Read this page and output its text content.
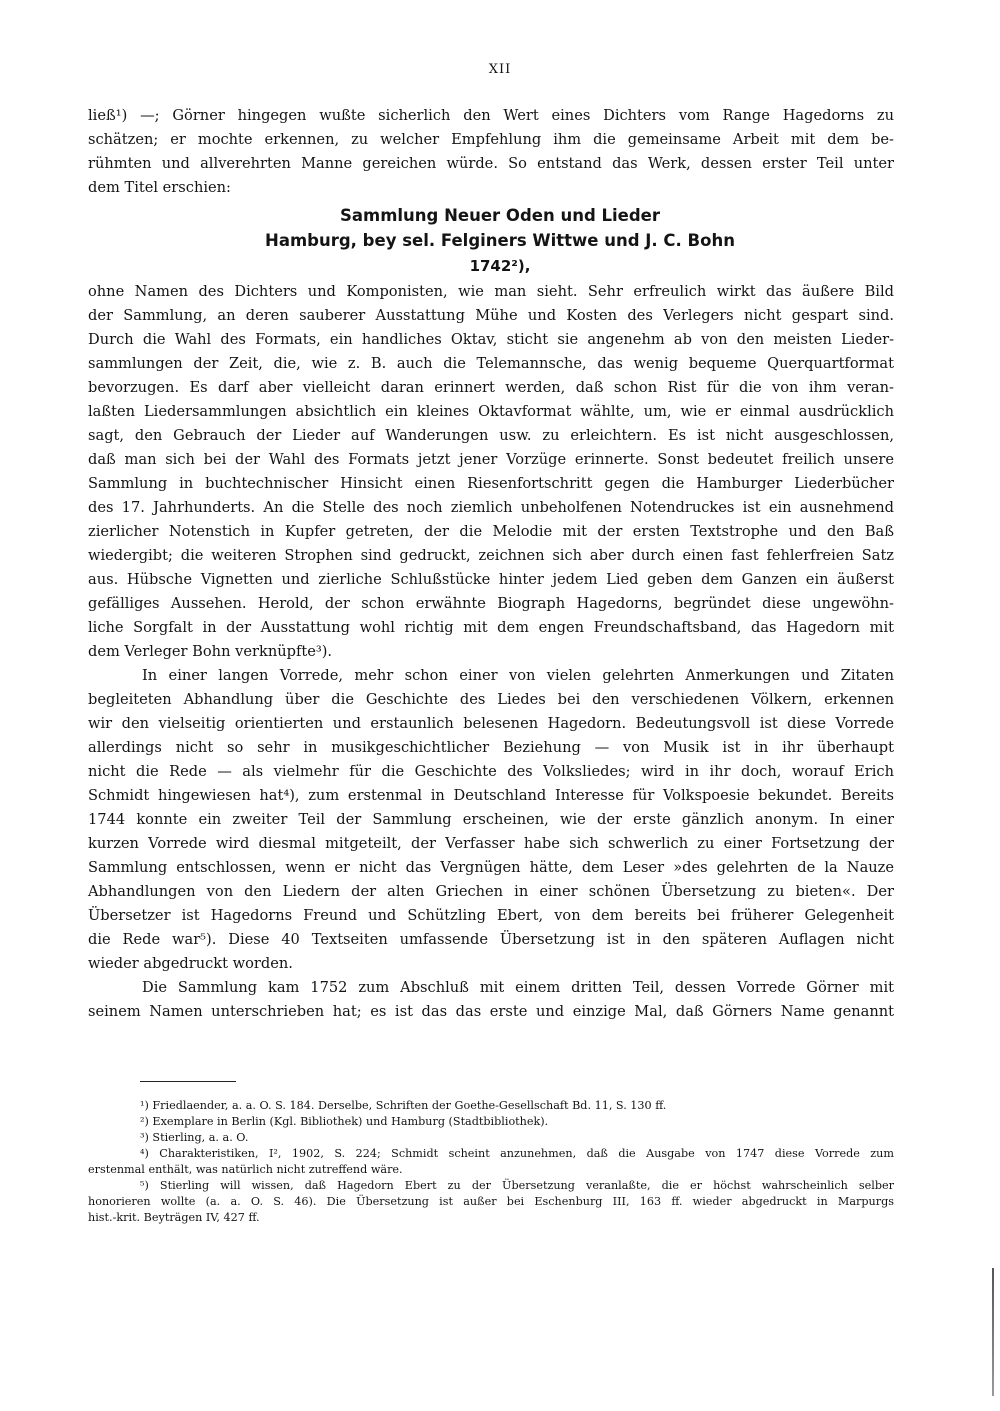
XII
ließ¹) —; Görner hingegen wußte sicherlich den Wert eines Dichters vom Range Hagedorns zu
schätzen; er mochte erkennen, zu welcher Empfehlung ihm die gemeinsame Arbeit mit dem be-
rühmten und allverehrten Manne gereichen würde. So entstand das Werk, dessen erster Teil unter
dem Titel erschien:
Sammlung Neuer Oden und Lieder
Hamburg, bey sel. Felginers Wittwe und J. C. Bohn
1742²),
ohne Namen des Dichters und Komponisten, wie man sieht. Sehr erfreulich wirkt das äußere Bild
der Sammlung, an deren sauberer Ausstattung Mühe und Kosten des Verlegers nicht gespart sind.
Durch die Wahl des Formats, ein handliches Oktav, sticht sie angenehm ab von den meisten Lieder-
sammlungen der Zeit, die, wie z. B. auch die Telemannsche, das wenig bequeme Querquartformat
bevorzugen. Es darf aber vielleicht daran erinnert werden, daß schon Rist für die von ihm veran-
laßten Liedersammlungen absichtlich ein kleines Oktavformat wählte, um, wie er einmal ausdrücklich
sagt, den Gebrauch der Lieder auf Wanderungen usw. zu erleichtern. Es ist nicht ausgeschlossen,
daß man sich bei der Wahl des Formats jetzt jener Vorzüge erinnerte. Sonst bedeutet freilich unsere
Sammlung in buchtechnischer Hinsicht einen Riesenfortschritt gegen die Hamburger Liederbücher
des 17. Jahrhunderts. An die Stelle des noch ziemlich unbeholfenen Notendruckes ist ein ausnehmend
zierlicher Notenstich in Kupfer getreten, der die Melodie mit der ersten Textstrophe und den Baß
wiedergibt; die weiteren Strophen sind gedruckt, zeichnen sich aber durch einen fast fehlerfreien Satz
aus. Hübsche Vignetten und zierliche Schlußstücke hinter jedem Lied geben dem Ganzen ein äußerst
gefälliges Aussehen. Herold, der schon erwähnte Biograph Hagedorns, begründet diese ungewöhn-
liche Sorgfalt in der Ausstattung wohl richtig mit dem engen Freundschaftsband, das Hagedorn mit
dem Verleger Bohn verknüpfte³).
In einer langen Vorrede, mehr schon einer von vielen gelehrten Anmerkungen und Zitaten
begleiteten Abhandlung über die Geschichte des Liedes bei den verschiedenen Völkern, erkennen
wir den vielseitig orientierten und erstaunlich belesenen Hagedorn. Bedeutungsvoll ist diese Vorrede
allerdings nicht so sehr in musikgeschichtlicher Beziehung — von Musik ist in ihr überhaupt
nicht die Rede — als vielmehr für die Geschichte des Volksliedes; wird in ihr doch, worauf Erich
Schmidt hingewiesen hat⁴), zum erstenmal in Deutschland Interesse für Volkspoesie bekundet. Bereits
1744 konnte ein zweiter Teil der Sammlung erscheinen, wie der erste gänzlich anonym. In einer
kurzen Vorrede wird diesmal mitgeteilt, der Verfasser habe sich schwerlich zu einer Fortsetzung der
Sammlung entschlossen, wenn er nicht das Vergnügen hätte, dem Leser »des gelehrten de la Nauze
Abhandlungen von den Liedern der alten Griechen in einer schönen Übersetzung zu bieten«. Der
Übersetzer ist Hagedorns Freund und Schützling Ebert, von dem bereits bei früherer Gelegenheit
die Rede war⁵). Diese 40 Textseiten umfassende Übersetzung ist in den späteren Auflagen nicht
wieder abgedruckt worden.
Die Sammlung kam 1752 zum Abschluß mit einem dritten Teil, dessen Vorrede Görner mit
seinem Namen unterschrieben hat; es ist das das erste und einzige Mal, daß Görners Name genannt
¹) Friedlaender, a. a. O. S. 184. Derselbe, Schriften der Goethe-Gesellschaft Bd. 11, S. 130 ff.
²) Exemplare in Berlin (Kgl. Bibliothek) und Hamburg (Stadtbibliothek).
³) Stierling, a. a. O.
⁴) Charakteristiken, I², 1902, S. 224; Schmidt scheint anzunehmen, daß die Ausgabe von 1747 diese Vorrede zum
erstenmal enthält, was natürlich nicht zutreffend wäre.
⁵) Stierling will wissen, daß Hagedorn Ebert zu der Übersetzung veranlaßte, die er höchst wahrscheinlich selber
honorieren wollte (a. a. O. S. 46). Die Übersetzung ist außer bei Eschenburg III, 163 ff. wieder abgedruckt in Marpurgs
hist.-krit. Beyträgen IV, 427 ff.
